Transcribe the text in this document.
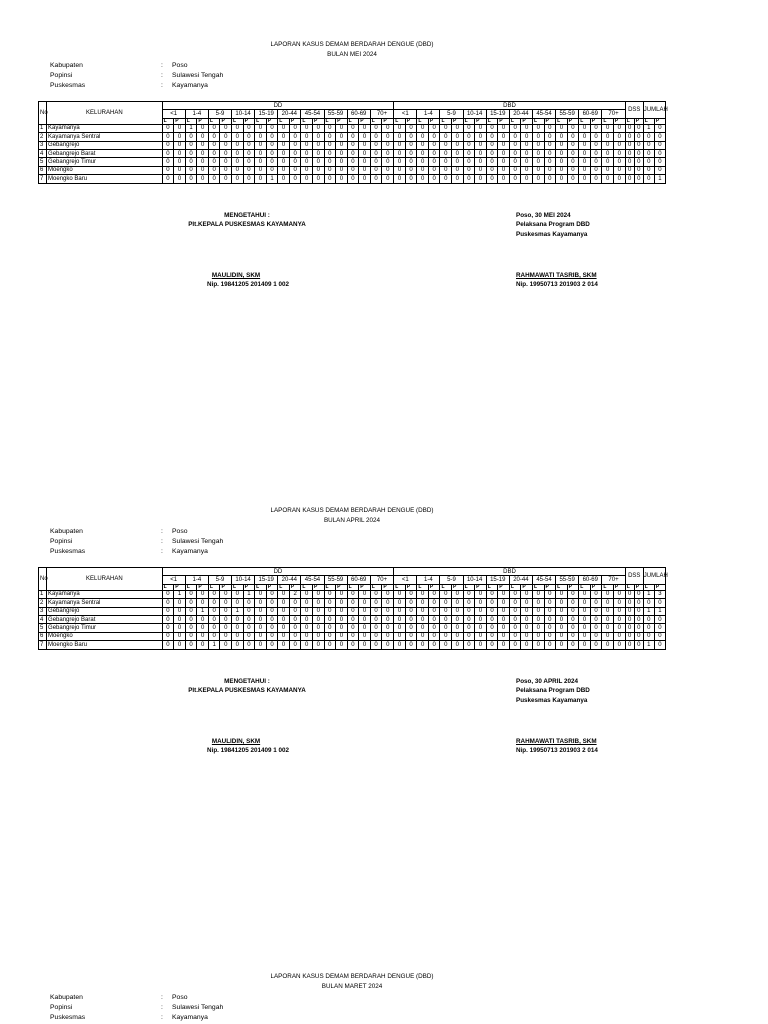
LAPORAN KASUS DEMAM BERDARAH DENGUE (DBD)
BULAN MEI 2024
Kabupaten	: Poso
Popinsi	: Sulawesi Tengah
Puskesmas	: Kayamanya
No	KELURAHAN	DD																				DBD																				DSS		JUMLAH	
		<1		1-4		5-9		10-14		15-19		20-44		45-54		55-59		60-69		70+		<1		1-4		5-9		10-14		15-19		20-44		45-54		55-59		60-69		70+					
		L	P	L	P	L	P	L	P	L	P	L	P	L	P	L	P	L	P	L	P	L	P	L	P	L	P	L	P	L	P	L	P	L	P	L	P	L	P	L	P	L	P	L	P
1	Kayamanya	0	0	1	0	0	0	0	0	0	0	0	0	0	0	0	0	0	0	0	0	0	0	0	0	0	0	0	0	0	0	0	0	0	0	0	0	0	0	0	0	0	0	1	0
2	Kayamanya Sentral	0	0	0	0	0	0	0	0	0	0	0	0	0	0	0	0	0	0	0	0	0	0	0	0	0	0	0	0	0	0	0	0	0	0	0	0	0	0	0	0	0	0	0	0
3	Gebangrejo	0	0	0	0	0	0	0	0	0	0	0	0	0	0	0	0	0	0	0	0	0	0	0	0	0	0	0	0	0	0	0	0	0	0	0	0	0	0	0	0	0	0	0	0
4	Gebangrejo Barat	0	0	0	0	0	0	0	0	0	0	0	0	0	0	0	0	0	0	0	0	0	0	0	0	0	0	0	0	0	0	0	0	0	0	0	0	0	0	0	0	0	0	0	0
5	Gebangrejo Timur	0	0	0	0	0	0	0	0	0	0	0	0	0	0	0	0	0	0	0	0	0	0	0	0	0	0	0	0	0	0	0	0	0	0	0	0	0	0	0	0	0	0	0	0
6	Moengko	0	0	0	0	0	0	0	0	0	0	0	0	0	0	0	0	0	0	0	0	0	0	0	0	0	0	0	0	0	0	0	0	0	0	0	0	0	0	0	0	0	0	0	0
7	Moengko Baru	0	0	0	0	0	0	0	0	0	1	0	0	0	0	0	0	0	0	0	0	0	0	0	0	0	0	0	0	0	0	0	0	0	0	0	0	0	0	0	0	0	0	0	1
MENGETAHUI :
Plt.KEPALA PUSKESMAS KAYAMANYA
MAULIDIN, SKM
Nip. 19841205 201409 1 002
Poso, 30 MEI 2024
Pelaksana Program DBD
Puskesmas Kayamanya
RAHMAWATI TASRIB, SKM
Nip. 19950713 201903 2 014
LAPORAN KASUS DEMAM BERDARAH DENGUE (DBD)
BULAN APRIL 2024
Kabupaten	: Poso
Popinsi	: Sulawesi Tengah
Puskesmas	: Kayamanya
No	KELURAHAN	DD																				DBD																				DSS		JUMLAH	
		<1		1-4		5-9		10-14		15-19		20-44		45-54		55-59		60-69		70+		<1		1-4		5-9		10-14		15-19		20-44		45-54		55-59		60-69		70+					
		L	P	L	P	L	P	L	P	L	P	L	P	L	P	L	P	L	P	L	P	L	P	L	P	L	P	L	P	L	P	L	P	L	P	L	P	L	P	L	P	L	P	L	P
1	Kayamanya	0	1	0	0	0	0	0	1	0	0	0	2	0	0	0	0	0	0	0	0	0	0	0	0	0	0	0	0	0	0	0	0	0	0	0	0	0	0	0	0	0	0	1	3
2	Kayamanya Sentral	0	0	0	0	0	0	0	0	0	0	0	0	0	0	0	0	0	0	0	0	0	0	0	0	0	0	0	0	0	0	0	0	0	0	0	0	0	0	0	0	0	0	0	0
3	Gebangrejo	0	0	0	1	0	0	1	0	0	0	0	0	0	0	0	0	0	0	0	0	0	0	0	0	0	0	0	0	0	0	0	0	0	0	0	0	0	0	0	0	0	0	1	1
4	Gebangrejo Barat	0	0	0	0	0	0	0	0	0	0	0	0	0	0	0	0	0	0	0	0	0	0	0	0	0	0	0	0	0	0	0	0	0	0	0	0	0	0	0	0	0	0	0	0
5	Gebangrejo Timur	0	0	0	0	0	0	0	0	0	0	0	0	0	0	0	0	0	0	0	0	0	0	0	0	0	0	0	0	0	0	0	0	0	0	0	0	0	0	0	0	0	0	0	0
6	Moengko	0	0	0	0	0	0	0	0	0	0	0	0	0	0	0	0	0	0	0	0	0	0	0	0	0	0	0	0	0	0	0	0	0	0	0	0	0	0	0	0	0	0	0	0
7	Moengko Baru	0	0	0	0	1	0	0	0	0	0	0	0	0	0	0	0	0	0	0	0	0	0	0	0	0	0	0	0	0	0	0	0	0	0	0	0	0	0	0	0	0	0	1	0
MENGETAHUI :
Plt.KEPALA PUSKESMAS KAYAMANYA
MAULIDIN, SKM
Nip. 19841205 201409 1 002
Poso, 30 APRIL 2024
Pelaksana Program DBD
Puskesmas Kayamanya
RAHMAWATI TASRIB, SKM
Nip. 19950713 201903 2 014
LAPORAN KASUS DEMAM BERDARAH DENGUE (DBD)
BULAN MARET 2024
Kabupaten	: Poso
Popinsi	: Sulawesi Tengah
Puskesmas	: Kayamanya
